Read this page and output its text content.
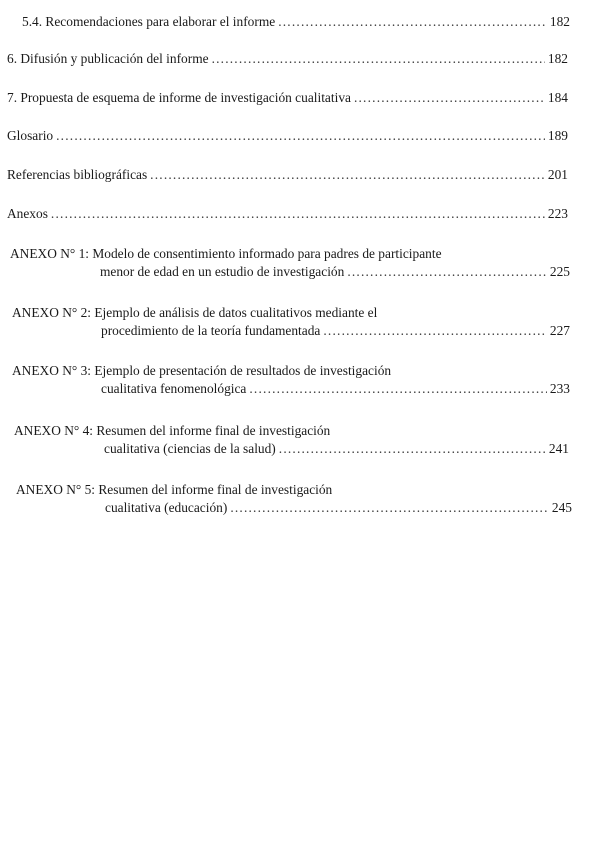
5.4. Recomendaciones para elaborar el informe .....	182
6. Difusión y publicación del informe .....	182
7. Propuesta de esquema de informe de investigación cualitativa .....	184
Glosario .....	189
Referencias bibliográficas .....	201
Anexos .....	223
ANEXO N° 1: Modelo de consentimiento informado para padres de participante
menor de edad en un estudio de investigación .....	225
ANEXO N° 2: Ejemplo de análisis de datos cualitativos mediante el
procedimiento de la teoría fundamentada .....	227
ANEXO N° 3: Ejemplo de presentación de resultados de investigación
cualitativa fenomenológica .....	233
ANEXO N° 4: Resumen del informe final de investigación
cualitativa (ciencias de la salud) .....	241
ANEXO N° 5: Resumen del informe final de investigación
cualitativa (educación) .....	245
